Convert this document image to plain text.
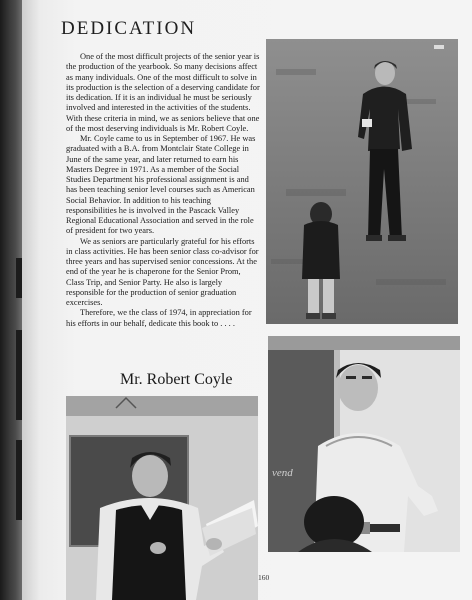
DEDICATION

One of the most difficult projects of the senior year is the production of the yearbook. So many decisions affect as many individuals. One of the most difficult to solve in its production is the selection of a deserving candidate for its dedication. If it is an individual he must be seriously involved and interested in the activities of the students. With these criteria in mind, we as seniors believe that one of the most deserving individuals is Mr. Robert Coyle.

Mr. Coyle came to us in September of 1967. He was graduated with a B.A. from Montclair State College in June of the same year, and later returned to earn his Masters Degree in 1971. As a member of the Social Studies Department his professional assignment is and has been teaching senior level courses such as American Social Behavior. In addition to his teaching responsibilities he is involved in the Pascack Valley Regional Educational Association and served in the role of president for two years.

We as seniors are particularly grateful for his efforts in class activities. He has been senior class co-advisor for three years and has supervised senior concessions. At the end of the year he is chaperone for the Senior Prom, Class Trip, and Senior Party. He also is largely responsible for the production of senior graduation excercises.

Therefore, we the class of 1974, in appreciation for his efforts in our behalf, dedicate this book to . . . .

Mr. Robert Coyle
vend
160
